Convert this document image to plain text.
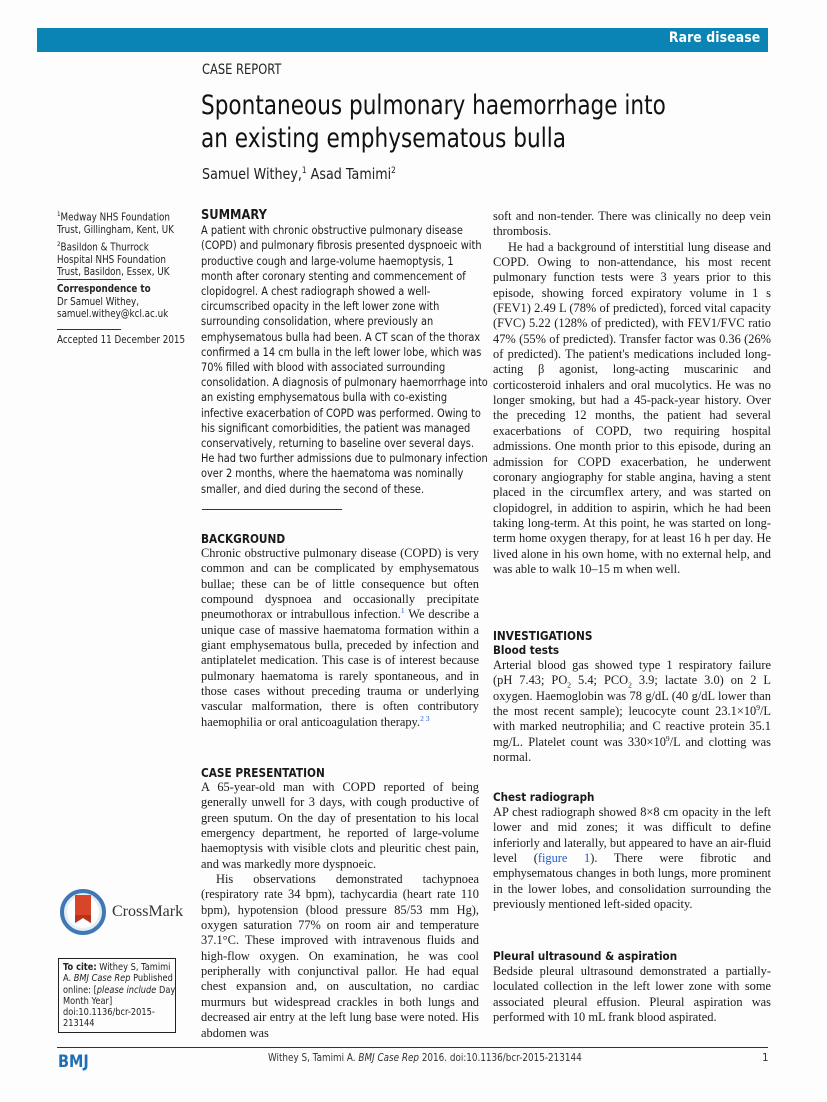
Rare disease
CASE REPORT
Spontaneous pulmonary haemorrhage into
an existing emphysematous bulla
Samuel Withey,$^1$ Asad Tamimi$^2$
$^1$Medway NHS Foundation Trust, Gillingham, Kent, UK
$^2$Basildon & Thurrock Hospital NHS Foundation Trust, Basildon, Essex, UK
Correspondence to
Dr Samuel Withey,
samuel.withey@kcl.ac.uk
Accepted 11 December 2015
CrossMark
To cite: Withey S, Tamimi A. BMJ Case Rep Published online: [please include Day Month Year] doi:10.1136/bcr-2015-213144
BMJ	Withey S, Tamimi A. BMJ Case Rep 2016. doi:10.1136/bcr-2015-213144	1
SUMMARY
A patient with chronic obstructive pulmonary disease (COPD) and pulmonary fibrosis presented dyspnoeic with productive cough and large-volume haemoptysis, 1 month after coronary stenting and commencement of clopidogrel. A chest radiograph showed a well-circumscribed opacity in the left lower zone with surrounding consolidation, where previously an emphysematous bulla had been. A CT scan of the thorax confirmed a 14 cm bulla in the left lower lobe, which was 70% filled with blood with associated surrounding consolidation. A diagnosis of pulmonary haemorrhage into an existing emphysematous bulla with co-existing infective exacerbation of COPD was performed. Owing to his significant comorbidities, the patient was managed conservatively, returning to baseline over several days. He had two further admissions due to pulmonary infection over 2 months, where the haematoma was nominally smaller, and died during the second of these.
BACKGROUND

Chronic obstructive pulmonary disease (COPD) is very common and can be complicated by emphysematous bullae; these can be of little consequence but often compound dyspnoea and occasionally precipitate pneumothorax or intrabullous infection.$^1$ We describe a unique case of massive haematoma formation within a giant emphysematous bulla, preceded by infection and antiplatelet medication. This case is of interest because pulmonary haematoma is rarely spontaneous, and in those cases without preceding trauma or underlying vascular malformation, there is often contributory haemophilia or oral anticoagulation therapy.$^{2 3}$

CASE PRESENTATION

A 65-year-old man with COPD reported of being generally unwell for 3 days, with cough productive of green sputum. On the day of presentation to his local emergency department, he reported of large-volume haemoptysis with visible clots and pleuritic chest pain, and was markedly more dyspnoeic.

His observations demonstrated tachypnoea (respiratory rate 34 bpm), tachycardia (heart rate 110 bpm), hypotension (blood pressure 85/53 mm Hg), oxygen saturation 77% on room air and temperature 37.1°C. These improved with intravenous fluids and high-flow oxygen. On examination, he was cool peripherally with conjunctival pallor. He had equal chest expansion and, on auscultation, no cardiac murmurs but widespread crackles in both lungs and decreased air entry at the left lung base were noted. His abdomen was

soft and non-tender. There was clinically no deep vein thrombosis.

He had a background of interstitial lung disease and COPD. Owing to non-attendance, his most recent pulmonary function tests were 3 years prior to this episode, showing forced expiratory volume in 1 s (FEV1) 2.49 L (78% of predicted), forced vital capacity (FVC) 5.22 (128% of predicted), with FEV1/FVC ratio 47% (55% of predicted). Transfer factor was 0.36 (26% of predicted). The patient's medications included long-acting β agonist, long-acting muscarinic and corticosteroid inhalers and oral mucolytics. He was no longer smoking, but had a 45-pack-year history. Over the preceding 12 months, the patient had several exacerbations of COPD, two requiring hospital admissions. One month prior to this episode, during an admission for COPD exacerbation, he underwent coronary angiography for stable angina, having a stent placed in the circumflex artery, and was started on clopidogrel, in addition to aspirin, which he had been taking long-term. At this point, he was started on long-term home oxygen therapy, for at least 16 h per day. He lived alone in his own home, with no external help, and was able to walk 10–15 m when well.

INVESTIGATIONS
Blood tests

Arterial blood gas showed type 1 respiratory failure (pH 7.43; $PO_2$ 5.4; $PCO_2$ 3.9; lactate 3.0) on 2 L oxygen. Haemoglobin was 78 g/dL (40 g/dL lower than the most recent sample); leucocyte count $23.1\times 10^9/L$ with marked neutrophilia; and C reactive protein 35.1 mg/L. Platelet count was $330\times 10^9/L$ and clotting was normal.

Chest radiograph

AP chest radiograph showed 8×8 cm opacity in the left lower and mid zones; it was difficult to define inferiorly and laterally, but appeared to have an air-fluid level (figure 1). There were fibrotic and emphysematous changes in both lungs, more prominent in the lower lobes, and consolidation surrounding the previously mentioned left-sided opacity.

Pleural ultrasound & aspiration

Bedside pleural ultrasound demonstrated a partially-loculated collection in the left lower zone with some associated pleural effusion. Pleural aspiration was performed with 10 mL frank blood aspirated.
